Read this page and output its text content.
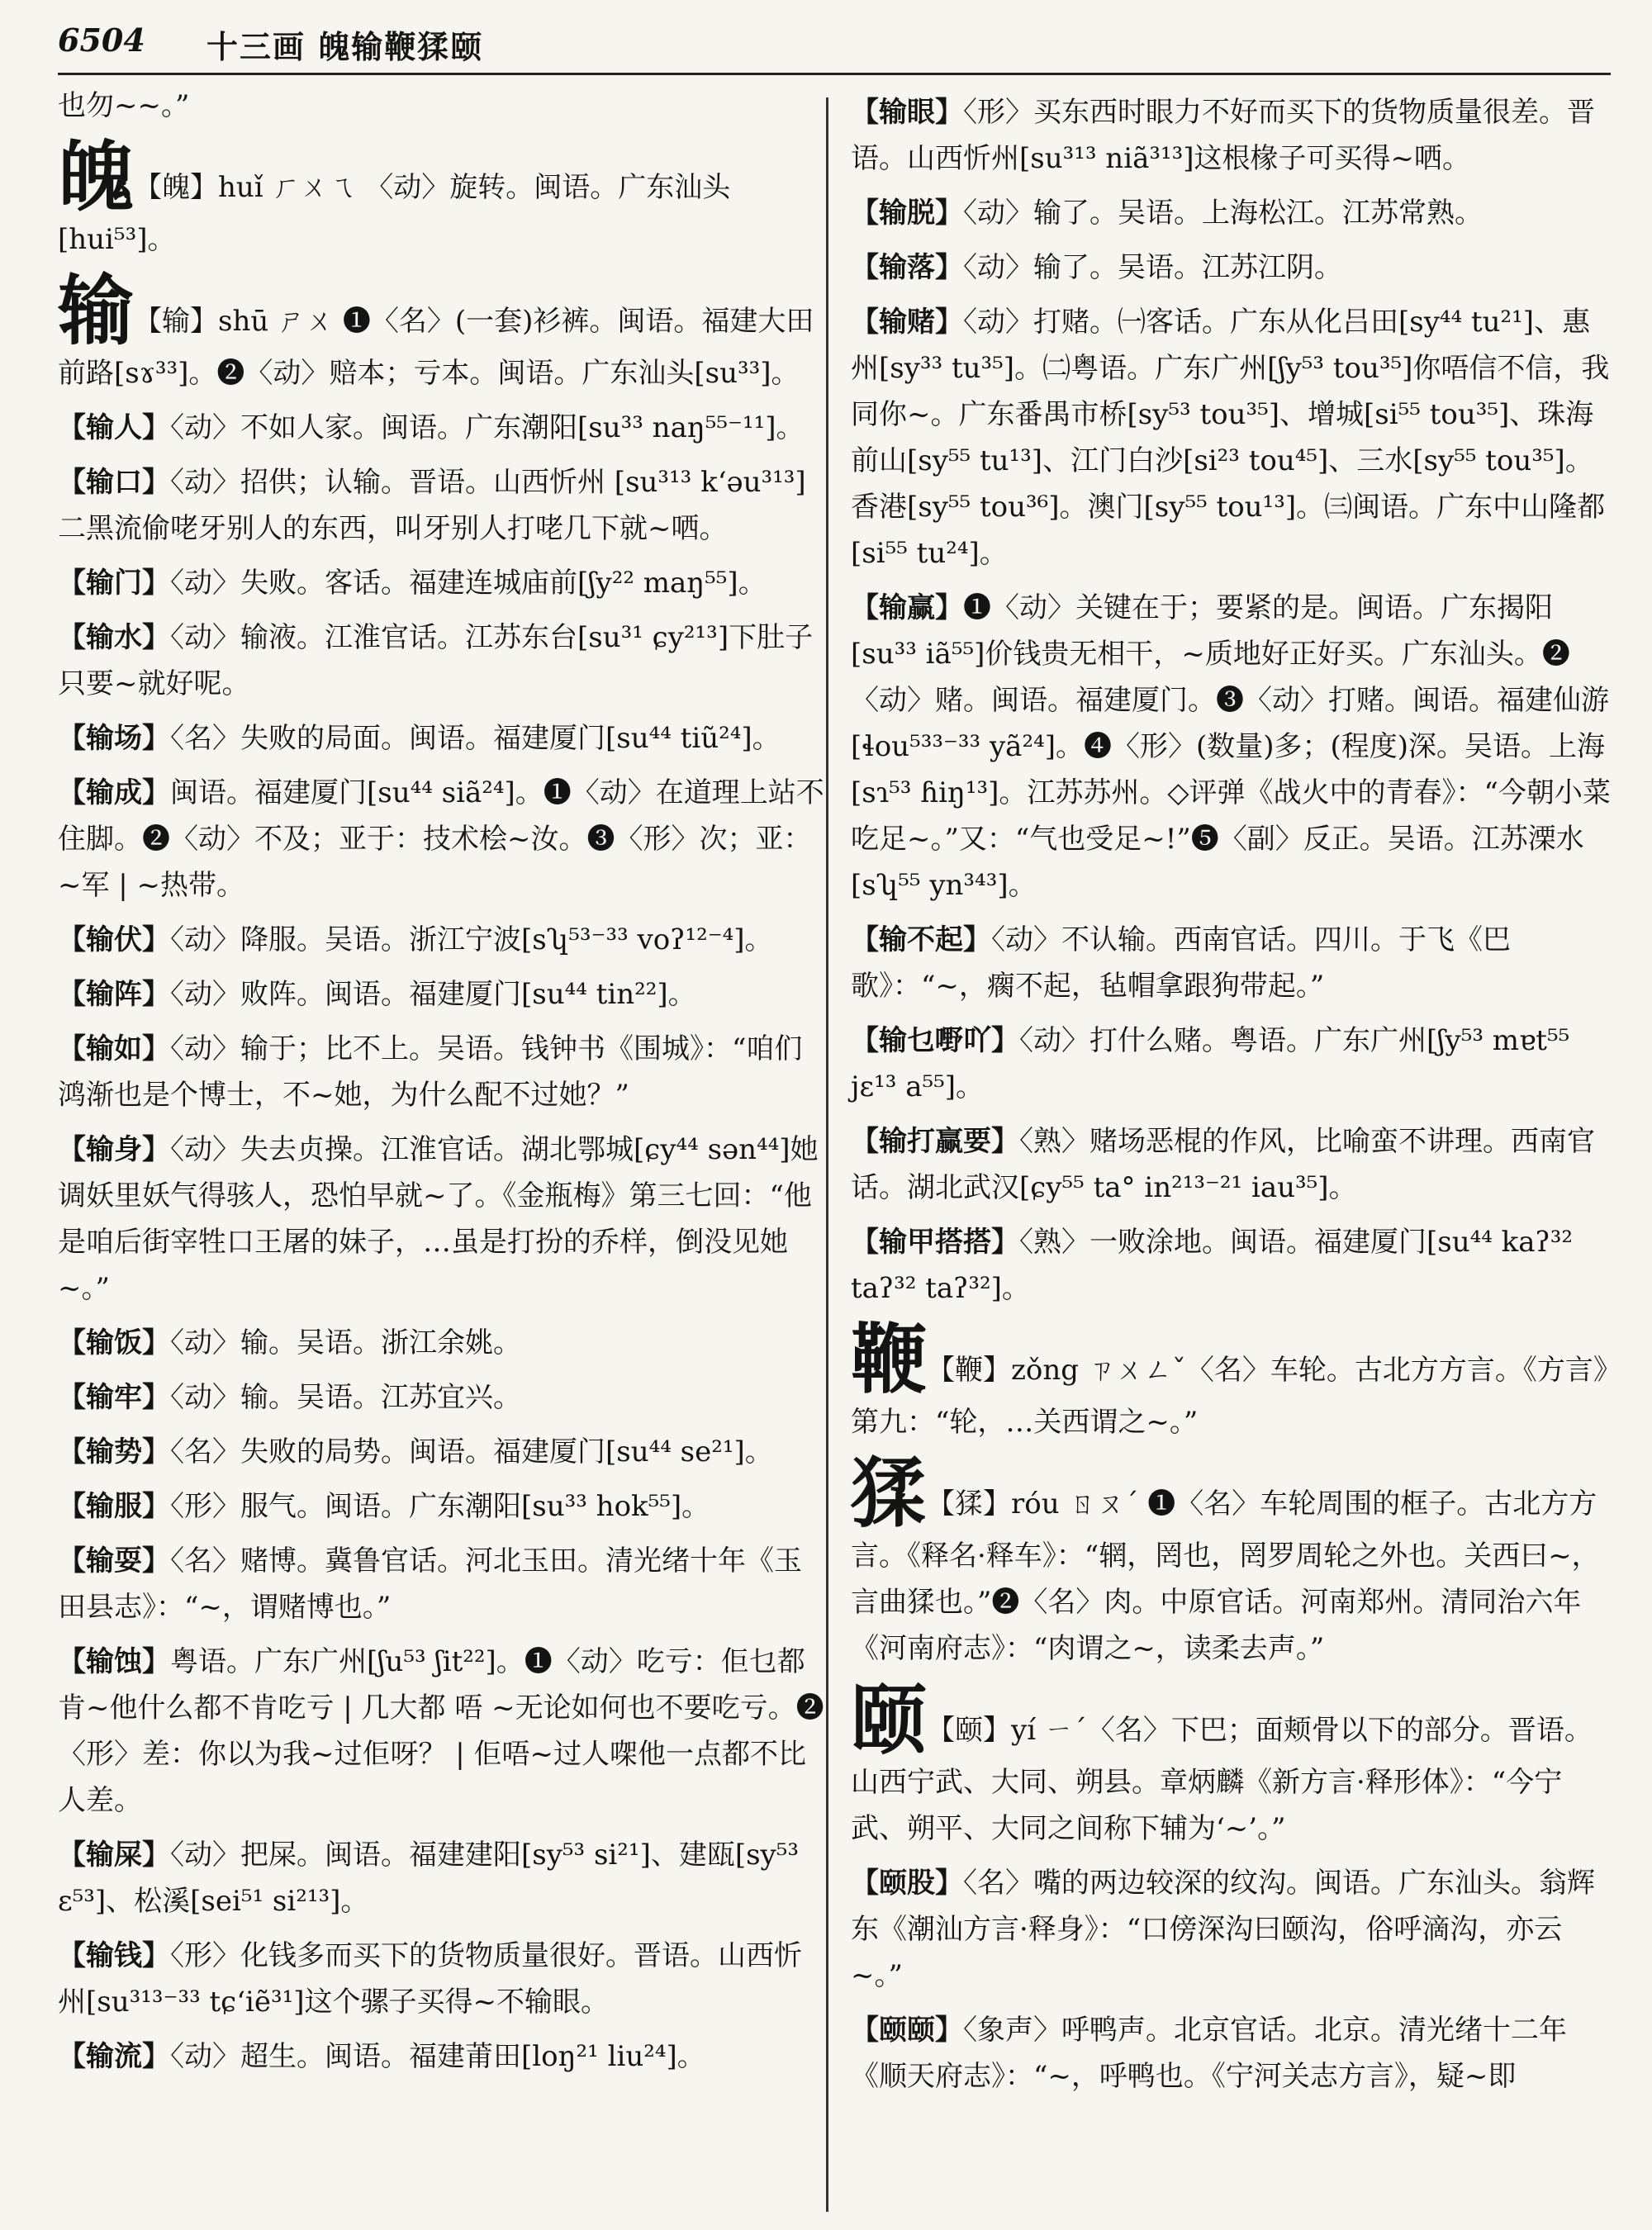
6504 十三画 魄输鞭猱颐
也勿~~。”
魄【魄】huǐ ㄏㄨㄟ 〈动〉旋转。闽语。广东汕头[hui⁵³]。
输【输】shū ㄕㄨ ❶〈名〉(一套)衫裤。闽语。福建大田前路[sɤ³³]。❷〈动〉赔本；亏本。闽语。广东汕头[su³³]。
【输人】〈动〉不如人家。闽语。广东潮阳[su³³ naŋ⁵⁵⁻¹¹]。
【输口】〈动〉招供；认输。晋语。山西忻州 [su³¹³ k‘əu³¹³]二黑流偷咾牙别人的东西，叫牙别人打咾几下就~哂。
【输门】〈动〉失败。客话。福建连城庙前[ʃy²² maŋ⁵⁵]。
【输水】〈动〉输液。江淮官话。江苏东台[su³¹ ɕy²¹³]下肚子只要~就好呢。
【输场】〈名〉失败的局面。闽语。福建厦门[su⁴⁴ tiũ²⁴]。
【输成】闽语。福建厦门[su⁴⁴ siã²⁴]。❶〈动〉在道理上站不住脚。❷〈动〉不及；亚于：技术桧~汝。❸〈形〉次；亚：~军 | ~热带。
【输伏】〈动〉降服。吴语。浙江宁波[sʮ⁵³⁻³³ voʔ¹²⁻⁴]。
【输阵】〈动〉败阵。闽语。福建厦门[su⁴⁴ tin²²]。
【输如】〈动〉输于；比不上。吴语。钱钟书《围城》：“咱们鸿渐也是个博士，不~她，为什么配不过她？”
【输身】〈动〉失去贞操。江淮官话。湖北鄂城[ɕy⁴⁴ sən⁴⁴]她调妖里妖气得骇人，恐怕早就~了。《金瓶梅》第三七回：“他是咱后街宰牲口王屠的妹子，…虽是打扮的乔样，倒没见她~。”
【输饭】〈动〉输。吴语。浙江余姚。
【输牢】〈动〉输。吴语。江苏宜兴。
【输势】〈名〉失败的局势。闽语。福建厦门[su⁴⁴ se²¹]。
【输服】〈形〉服气。闽语。广东潮阳[su³³ hok⁵⁵]。
【输耍】〈名〉赌博。冀鲁官话。河北玉田。清光绪十年《玉田县志》：“~，谓赌博也。”
【输蚀】粤语。广东广州[ʃu⁵³ ʃit²²]。❶〈动〉吃亏：佢乜都肯~他什么都不肯吃亏 | 几大都 唔 ~无论如何也不要吃亏。❷〈形〉差：你以为我~过佢呀？ | 佢唔~过人㗎他一点都不比人差。
【输屎】〈动〉把屎。闽语。福建建阳[sy⁵³ si²¹]、建瓯[sy⁵³ ɛ⁵³]、松溪[sei⁵¹ si²¹³]。
【输钱】〈形〉化钱多而买下的货物质量很好。晋语。山西忻州[su³¹³⁻³³ tɕ‘iẽ³¹]这个骡子买得~不输眼。
【输流】〈动〉超生。闽语。福建莆田[loŋ²¹ liu²⁴]。
【输眼】〈形〉买东西时眼力不好而买下的货物质量很差。晋语。山西忻州[su³¹³ niã³¹³]这根椽子可买得~哂。
【输脱】〈动〉输了。吴语。上海松江。江苏常熟。
【输落】〈动〉输了。吴语。江苏江阴。
【输赌】〈动〉打赌。㈠客话。广东从化吕田[sy⁴⁴ tu²¹]、惠州[sy³³ tu³⁵]。㈡粤语。广东广州[ʃy⁵³ tou³⁵]你唔信不信，我同你~。广东番禺市桥[sy⁵³ tou³⁵]、增城[si⁵⁵ tou³⁵]、珠海前山[sy⁵⁵ tu¹³]、江门白沙[si²³ tou⁴⁵]、三水[sy⁵⁵ tou³⁵]。香港[sy⁵⁵ tou³⁶]。澳门[sy⁵⁵ tou¹³]。㈢闽语。广东中山隆都[si⁵⁵ tu²⁴]。
【输赢】❶〈动〉关键在于；要紧的是。闽语。广东揭阳[su³³ iã⁵⁵]价钱贵无相干，~质地好正好买。广东汕头。❷〈动〉赌。闽语。福建厦门。❸〈动〉打赌。闽语。福建仙游[ɬou⁵³³⁻³³ yã²⁴]。❹〈形〉(数量)多；(程度)深。吴语。上海[sɿ⁵³ ɦiŋ¹³]。江苏苏州。◇评弹《战火中的青春》：“今朝小菜吃足~。”又：“气也受足~!”❺〈副〉反正。吴语。江苏溧水[sʮ⁵⁵ yn³⁴³]。
【输不起】〈动〉不认输。西南官话。四川。于飞《巴歌》：“~，瘸不起，毡帽拿跟狗带起。”
【输乜嘢吖】〈动〉打什么赌。粤语。广东广州[ʃy⁵³ mɐt⁵⁵ jɛ¹³ a⁵⁵]。
【输打赢要】〈熟〉赌场恶棍的作风，比喻蛮不讲理。西南官话。湖北武汉[ɕy⁵⁵ ta° in²¹³⁻²¹ iau³⁵]。
【输甲搭搭】〈熟〉一败涂地。闽语。福建厦门[su⁴⁴ kaʔ³² taʔ³² taʔ³²]。
鞭【鞭】zǒng ㄗㄨㄥˇ〈名〉车轮。古北方方言。《方言》第九：“轮，…关西谓之~。”
猱【猱】róu ㄖㄡˊ ❶〈名〉车轮周围的框子。古北方方言。《释名·释车》：“辋，罔也，罔罗周轮之外也。关西曰~，言曲猱也。”❷〈名〉肉。中原官话。河南郑州。清同治六年《河南府志》：“肉谓之~，读柔去声。”
颐【颐】yí ㄧˊ〈名〉下巴；面颊骨以下的部分。晋语。山西宁武、大同、朔县。章炳麟《新方言·释形体》：“今宁武、朔平、大同之间称下辅为‘~’。”
【颐股】〈名〉嘴的两边较深的纹沟。闽语。广东汕头。翁辉东《潮汕方言·释身》：“口傍深沟曰颐沟，俗呼滴沟，亦云~。”
【颐颐】〈象声〉呼鸭声。北京官话。北京。清光绪十二年《顺天府志》：“~，呼鸭也。《宁河关志方言》，疑~即
